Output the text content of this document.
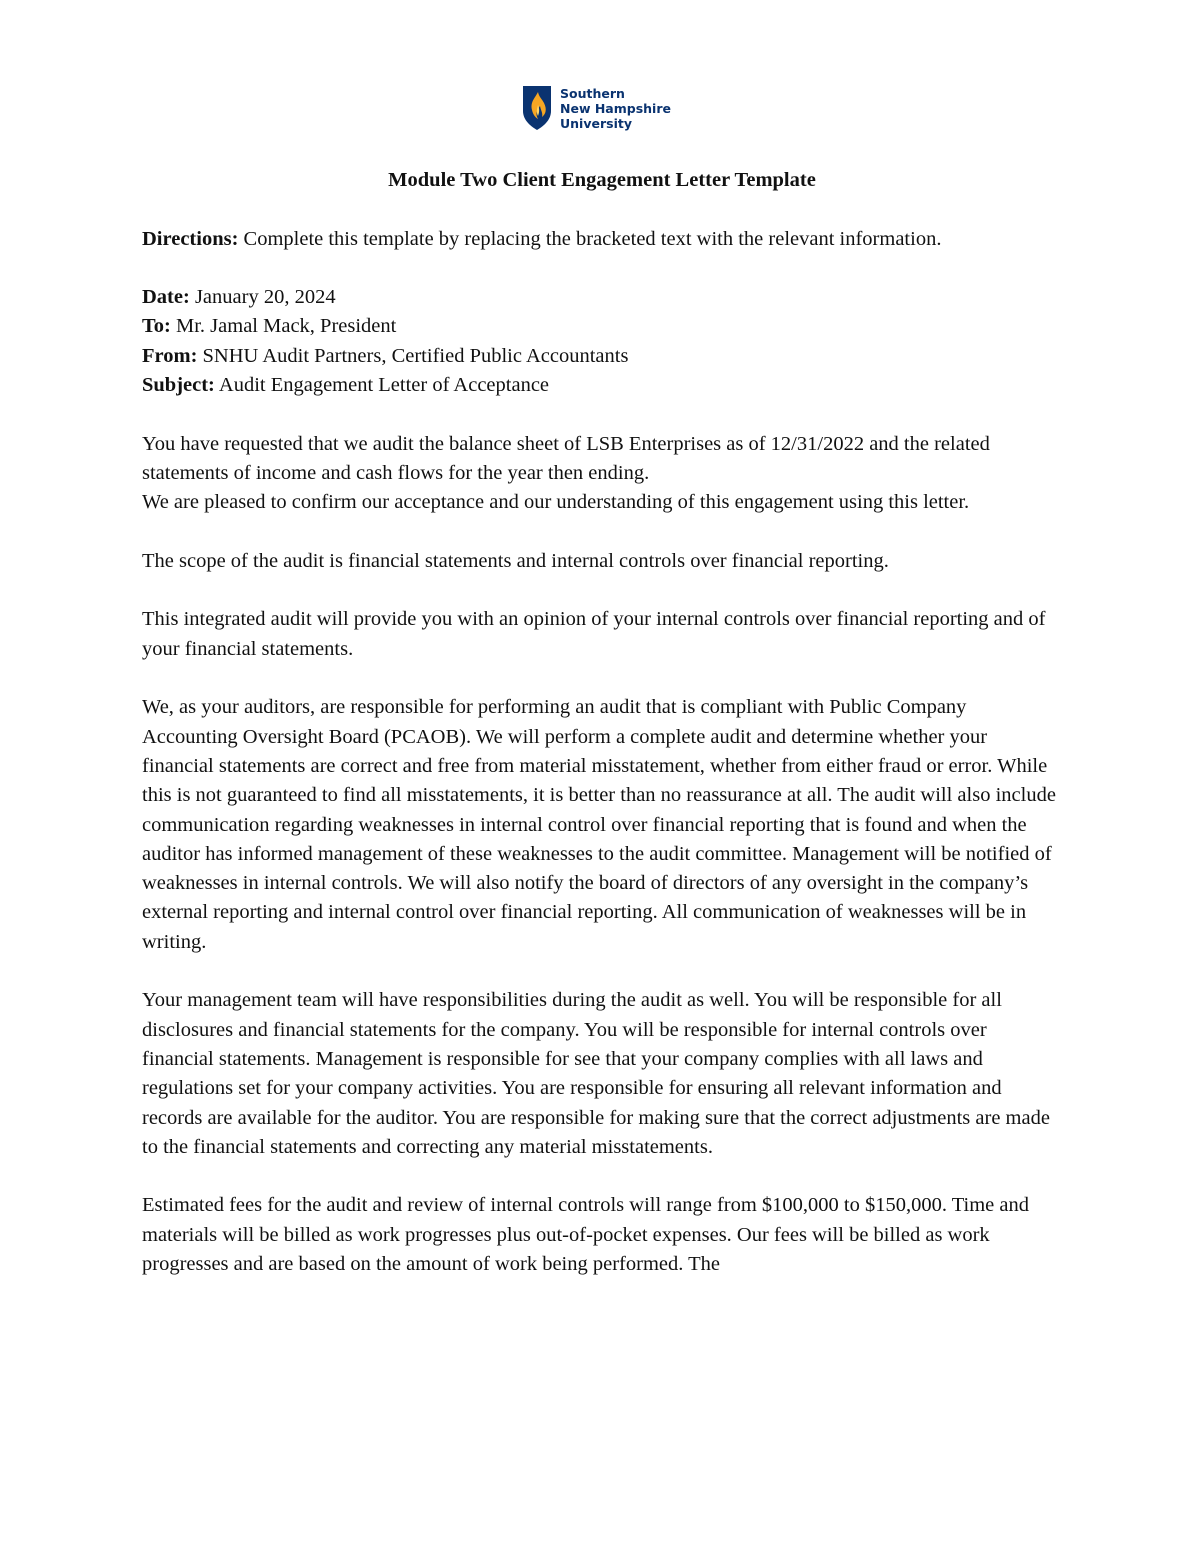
Southern
New Hampshire
University

Module Two Client Engagement Letter Template

Directions: Complete this template by replacing the bracketed text with the relevant information.

Date: January 20, 2024

To: Mr. Jamal Mack, President

From: SNHU Audit Partners, Certified Public Accountants

Subject: Audit Engagement Letter of Acceptance

You have requested that we audit the balance sheet of LSB Enterprises as of 12/31/2022 and the related statements of income and cash flows for the year then ending.

We are pleased to confirm our acceptance and our understanding of this engagement using this letter.

The scope of the audit is financial statements and internal controls over financial reporting.

This integrated audit will provide you with an opinion of your internal controls over financial reporting and of your financial statements.

We, as your auditors, are responsible for performing an audit that is compliant with Public Company Accounting Oversight Board (PCAOB). We will perform a complete audit and determine whether your financial statements are correct and free from material misstatement, whether from either fraud or error. While this is not guaranteed to find all misstatements, it is better than no reassurance at all. The audit will also include communication regarding weaknesses in internal control over financial reporting that is found and when the auditor has informed management of these weaknesses to the audit committee. Management will be notified of weaknesses in internal controls. We will also notify the board of directors of any oversight in the company’s external reporting and internal control over financial reporting. All communication of weaknesses will be in writing.

Your management team will have responsibilities during the audit as well. You will be responsible for all disclosures and financial statements for the company. You will be responsible for internal controls over financial statements. Management is responsible for see that your company complies with all laws and regulations set for your company activities. You are responsible for ensuring all relevant information and records are available for the auditor. You are responsible for making sure that the correct adjustments are made to the financial statements and correcting any material misstatements.

Estimated fees for the audit and review of internal controls will range from $100,000 to $150,000. Time and materials will be billed as work progresses plus out-of-pocket expenses. Our fees will be billed as work progresses and are based on the amount of work being performed. The
